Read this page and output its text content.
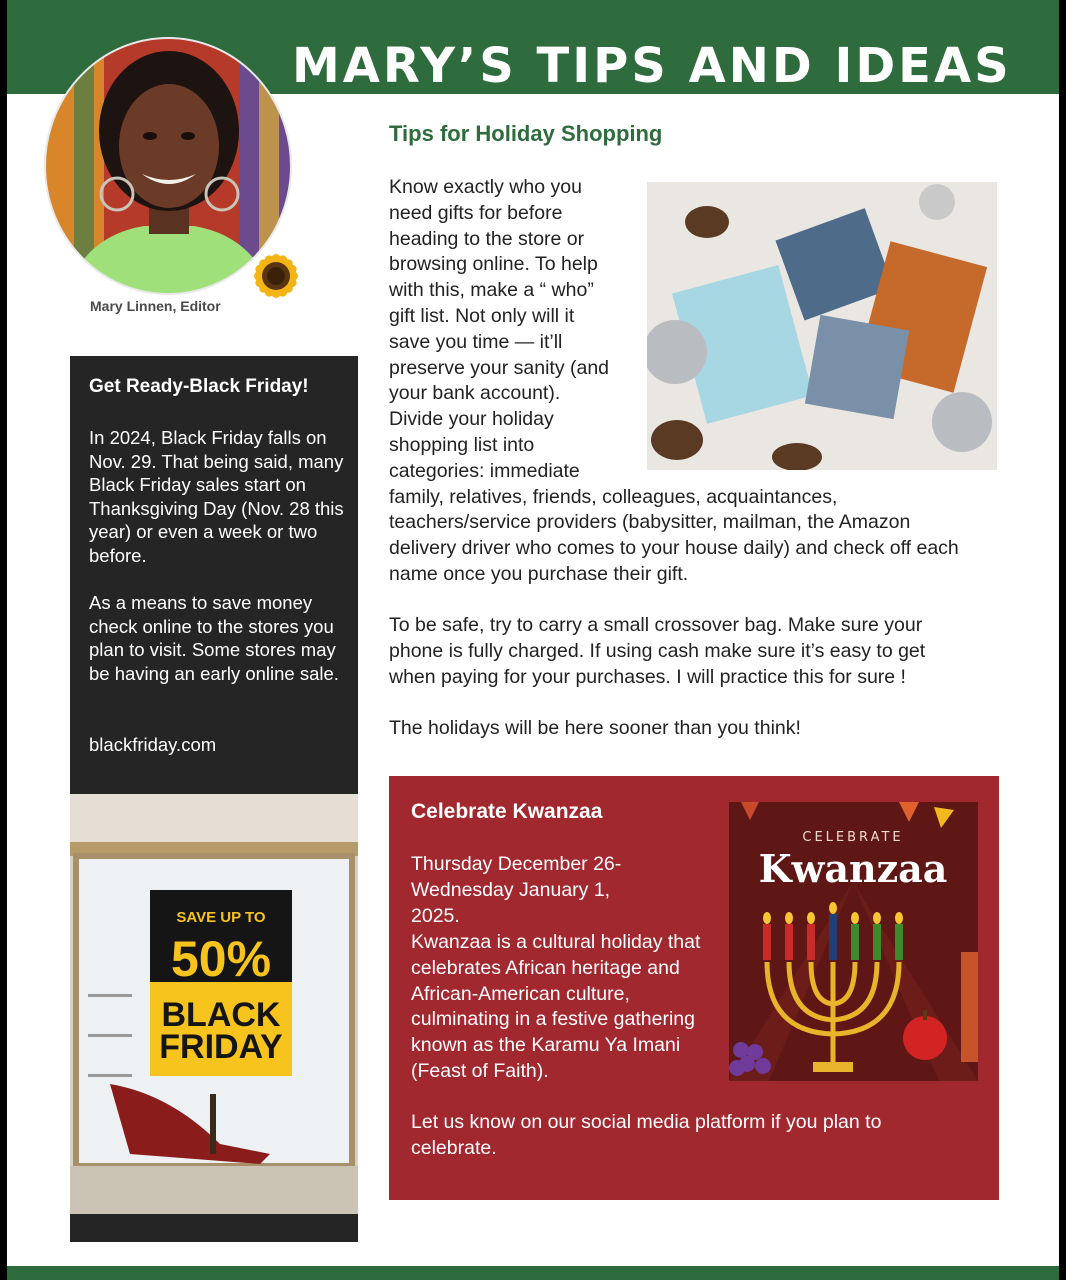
MARY’S TIPS AND IDEAS
Mary Linnen, Editor
Get Ready-Black Friday!

In 2024, Black Friday falls on Nov. 29. That being said, many Black Friday sales start on Thanksgiving Day (Nov. 28 this year) or even a week or two before.

As a means to save money check online to the stores you plan to visit. Some stores may be having an early online sale.

blackfriday.com

SAVE UP TO
50%
BLACK
FRIDAY
Tips for Holiday Shopping

Know exactly who you

need gifts for before

heading to the store or

browsing online. To help

with this, make a “ who”

gift list. Not only will it

save you time — it’ll

preserve your sanity (and

your bank account).

Divide your holiday

shopping list into

categories: immediate

family, relatives, friends, colleagues, acquaintances,

teachers/service providers (babysitter, mailman, the Amazon

delivery driver who comes to your house daily) and check off each

name once you purchase their gift.

To be safe, try to carry a small crossover bag. Make sure your phone is fully charged. If using cash make sure it’s easy to get when paying for your purchases. I will practice this for sure !

The holidays will be here sooner than you think!

Celebrate Kwanzaa

Thursday December 26- Wednesday January 1, 2025.

Kwanzaa is a cultural holiday that celebrates African heritage and African-American culture, culminating in a festive gathering known as the Karamu Ya Imani (Feast of Faith).

Let us know on our social media platform if you plan to celebrate.

CELEBRATE
Kwanzaa
